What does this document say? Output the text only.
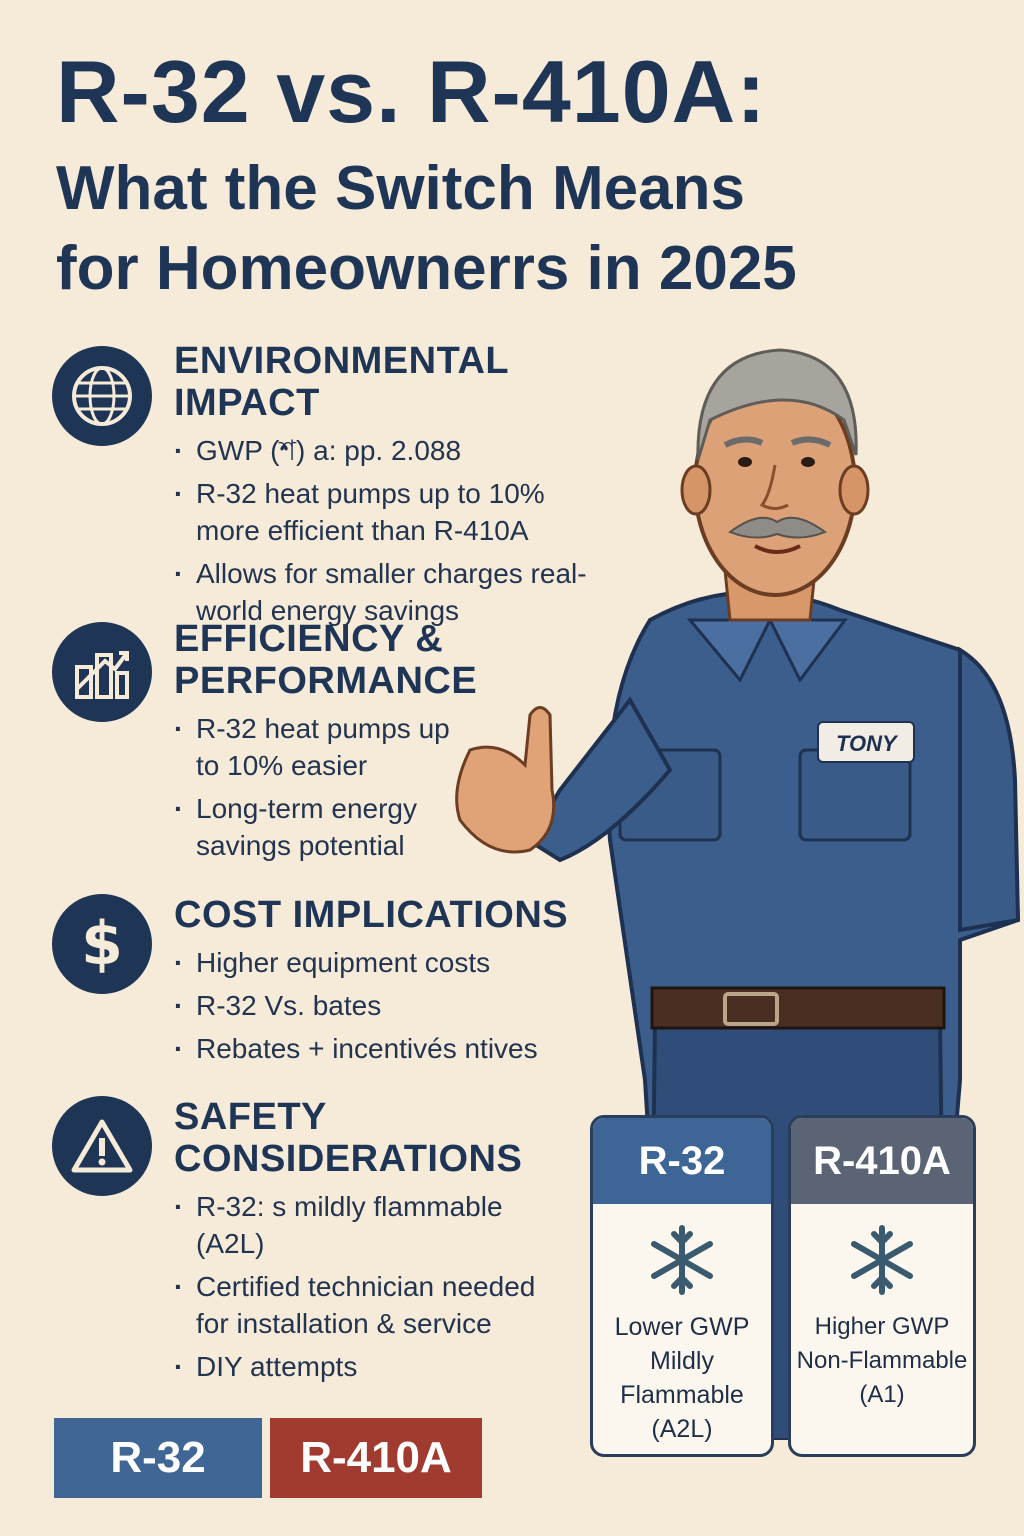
R-32 vs. R-410A:
What the Switch Means
for Homeownerrs in 2025
ENVIRONMENTAL IMPACT
· GWP (শ) a: pp. 2.088
· R-32 heat pumps up to 10% more efficient than R-410A
· Allows for smaller charges real-world energy savings
EFFICIENCY & PERFORMANCE
· R-32 heat pumps up to 10% easier
· Long-term energy savings potential
$ COST IMPLICATIONS
· Higher equipment costs
· R-32 Vs. bates
· Rebates + incentivés ntives
SAFETY CONSIDERATIONS
· R-32: s mildly flammable (A2L)
· Certified technician needed for installation & service
· DIY attempts
TONY
R-32
Lower GWP
Mildly
Flammable
(A2L)
R-410A
Higher GWP
Non-Flammable
(A1)
R-32	R-410A
